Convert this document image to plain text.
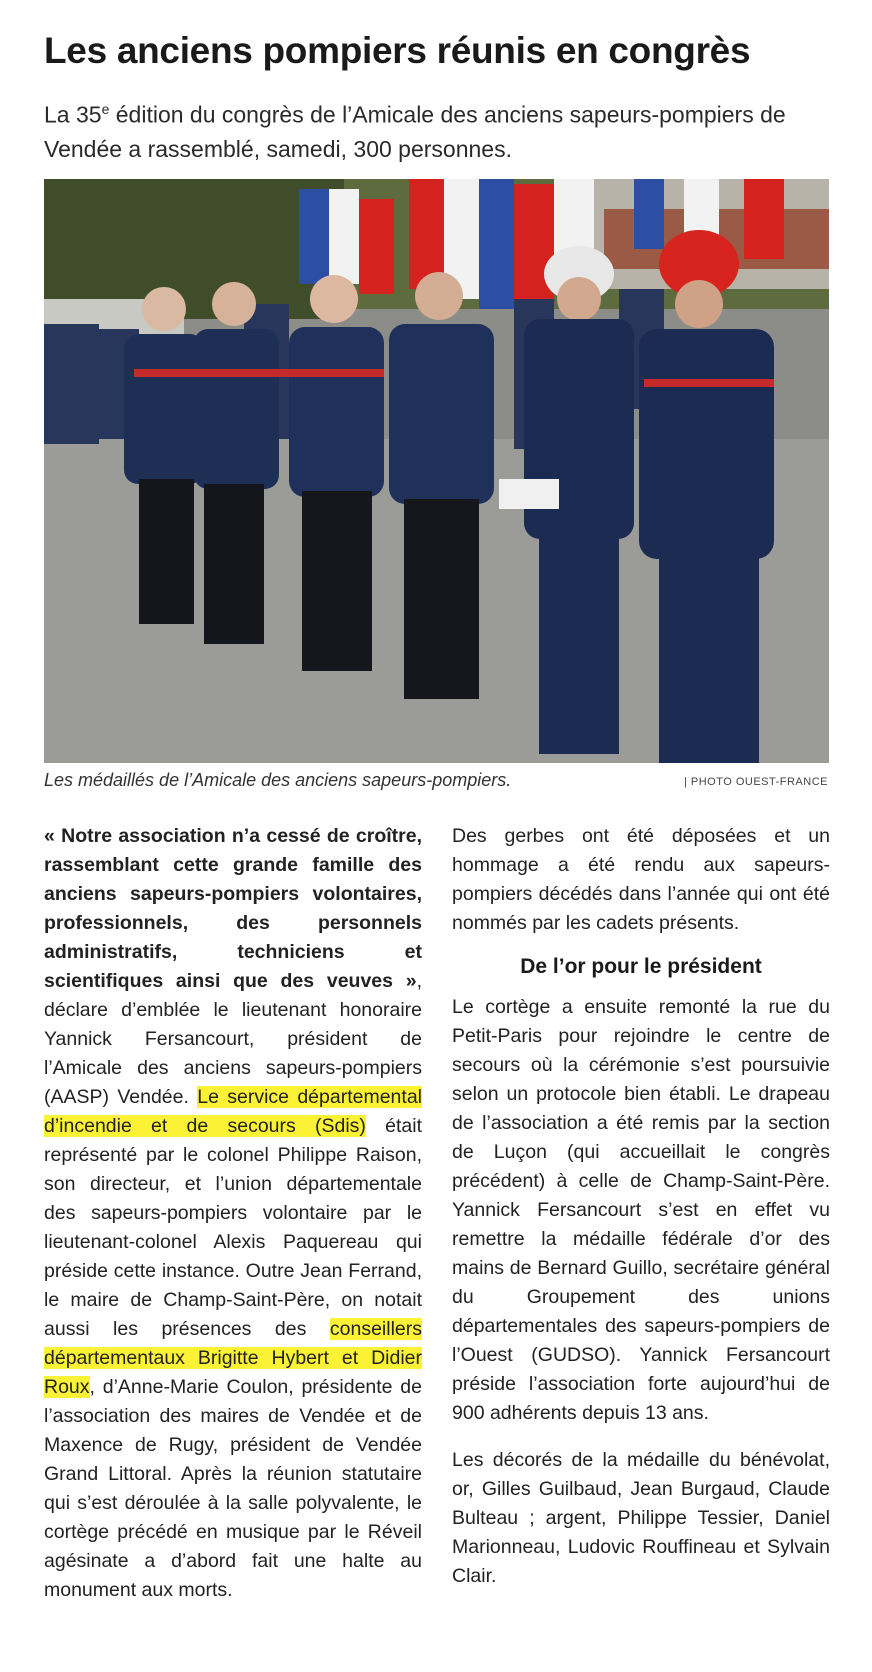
Les anciens pompiers réunis en congrès

La 35e édition du congrès de l’Amicale des anciens sapeurs-pompiers de Vendée a rassemblé, samedi, 300 personnes.

Les médaillés de l’Amicale des anciens sapeurs-pompiers.	| PHOTO OUEST-FRANCE

« Notre association n’a cessé de croître, rassemblant cette grande famille des anciens sapeurs-pompiers volontaires, professionnels, des personnels administratifs, techniciens et scientifiques ainsi que des veuves », déclare d’emblée le lieutenant honoraire Yannick Fersancourt, président de l’Amicale des anciens sapeurs-pompiers (AASP) Vendée. Le service départemental d’incendie et de secours (Sdis) était représenté par le colonel Philippe Raison, son directeur, et l’union départementale des sapeurs-pompiers volontaire par le lieutenant-colonel Alexis Paquereau qui préside cette instance. Outre Jean Ferrand, le maire de Champ-Saint-Père, on notait aussi les présences des conseillers départementaux Brigitte Hybert et Didier Roux, d’Anne-Marie Coulon, présidente de l’association des maires de Vendée et de Maxence de Rugy, président de Vendée Grand Littoral. Après la réunion statutaire qui s’est déroulée à la salle polyvalente, le cortège précédé en musique par le Réveil agésinate a d’abord fait une halte au monument aux morts.

Des gerbes ont été déposées et un hommage a été rendu aux sapeurs-pompiers décédés dans l’année qui ont été nommés par les cadets présents.

De l’or pour le président

Le cortège a ensuite remonté la rue du Petit-Paris pour rejoindre le centre de secours où la cérémonie s’est poursuivie selon un protocole bien établi. Le drapeau de l’association a été remis par la section de Luçon (qui accueillait le congrès précédent) à celle de Champ-Saint-Père. Yannick Fersancourt s’est en effet vu remettre la médaille fédérale d’or des mains de Bernard Guillo, secrétaire général du Groupement des unions départementales des sapeurs-pompiers de l’Ouest (GUDSO). Yannick Fersancourt préside l’association forte aujourd’hui de 900 adhérents depuis 13 ans.

Les décorés de la médaille du bénévolat, or, Gilles Guilbaud, Jean Burgaud, Claude Bulteau ; argent, Philippe Tessier, Daniel Marionneau, Ludovic Rouffineau et Sylvain Clair.
